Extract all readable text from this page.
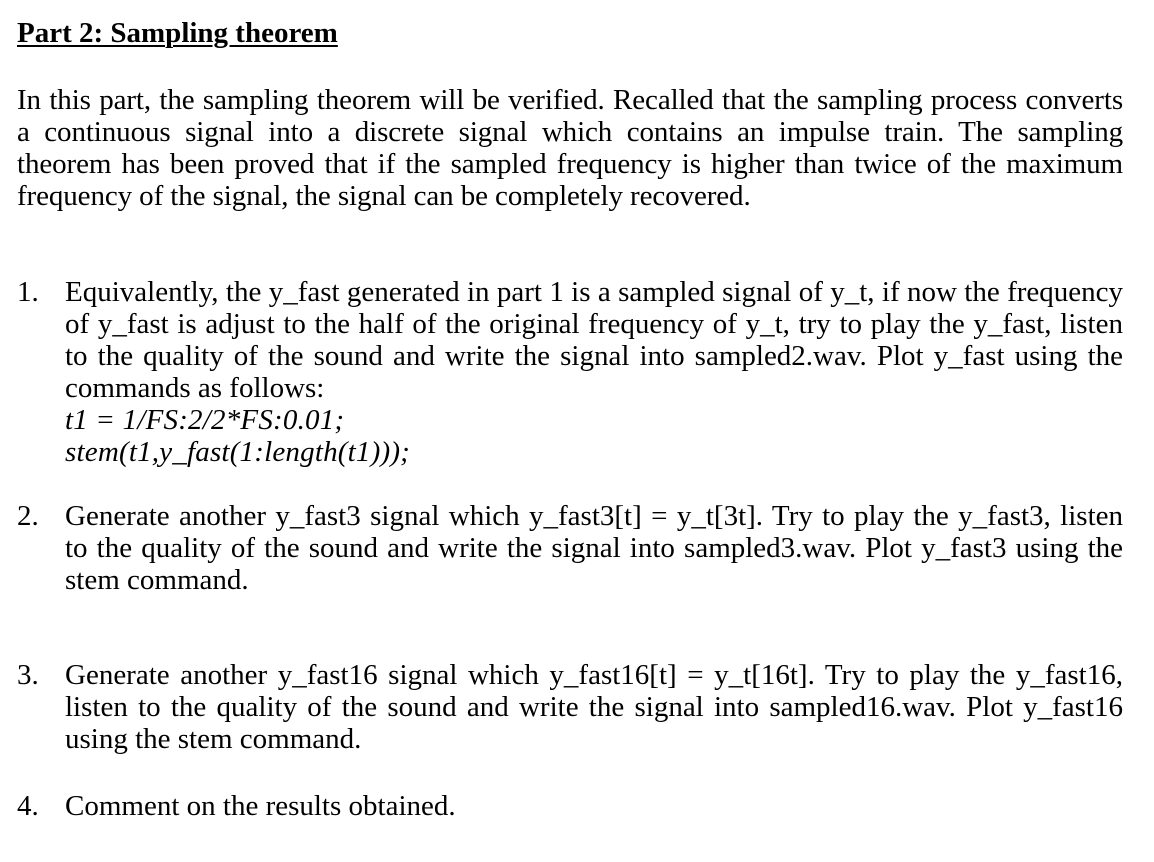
Part 2: Sampling theorem

In this part, the sampling theorem will be verified. Recalled that the sampling process converts a continuous signal into a discrete signal which contains an impulse train. The sampling theorem has been proved that if the sampled frequency is higher than twice of the maximum frequency of the signal, the signal can be completely recovered.

1. Equivalently, the y_fast generated in part 1 is a sampled signal of y_t, if now the frequency of y_fast is adjust to the half of the original frequency of y_t, try to play the y_fast, listen to the quality of the sound and write the signal into sampled2.wav. Plot y_fast using the commands as follows:

t1 = 1/FS:2/2*FS:0.01;
stem(t1,y_fast(1:length(t1)));
2. Generate another y_fast3 signal which y_fast3[t] = y_t[3t]. Try to play the y_fast3, listen to the quality of the sound and write the signal into sampled3.wav. Plot y_fast3 using the stem command.

3. Generate another y_fast16 signal which y_fast16[t] = y_t[16t]. Try to play the y_fast16, listen to the quality of the sound and write the signal into sampled16.wav. Plot y_fast16 using the stem command.

4. Comment on the results obtained.
